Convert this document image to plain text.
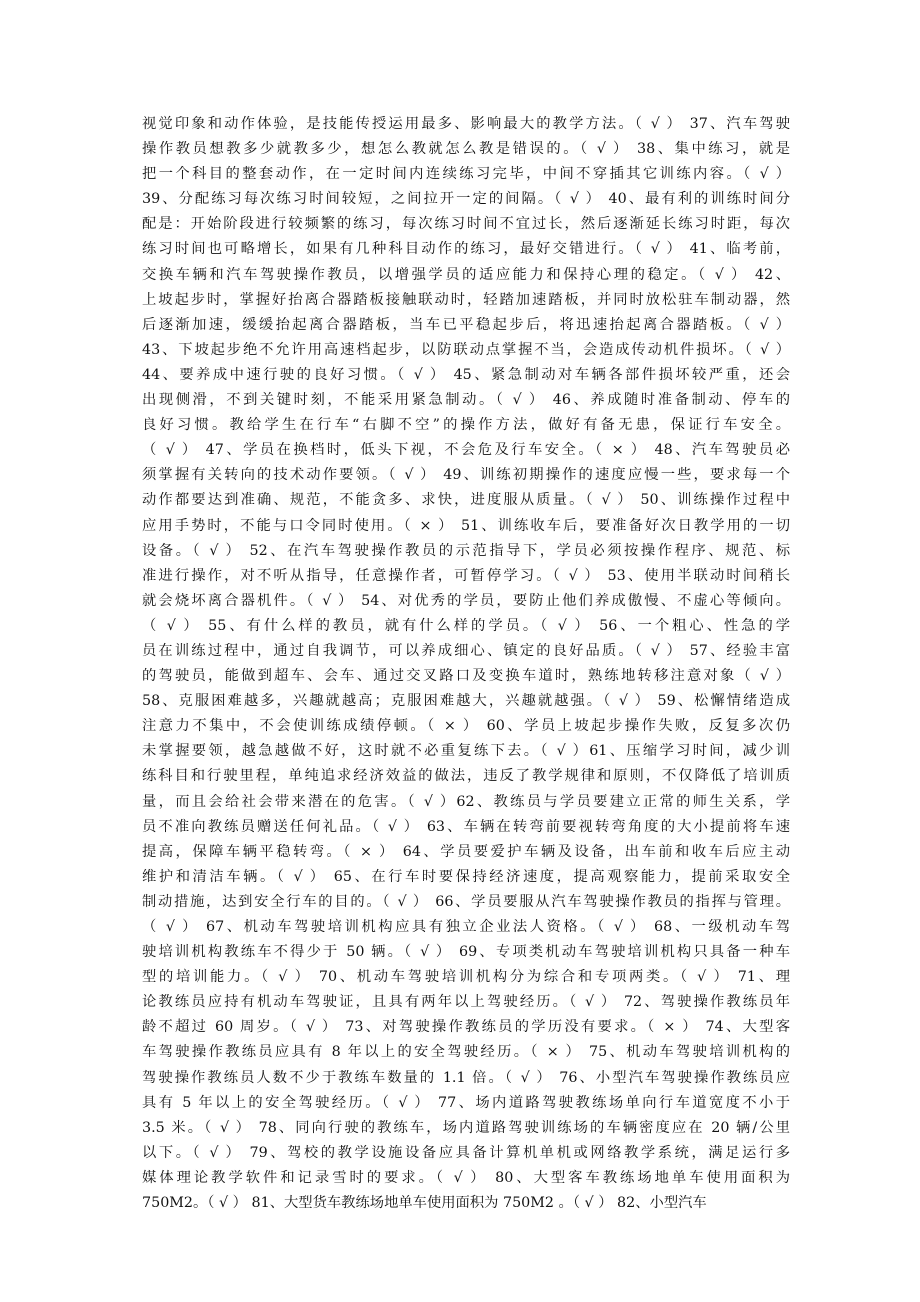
视觉印象和动作体验，是技能传授运用最多、影响最大的教学方法。（ √ ） 37、汽车驾驶
操作教员想教多少就教多少，想怎么教就怎么教是错误的。（ √ ） 38、集中练习，就是
把一个科目的整套动作，在一定时间内连续练习完毕，中间不穿插其它训练内容。（ √ ）
39、分配练习每次练习时间较短，之间拉开一定的间隔。（ √ ） 40、最有利的训练时间分
配是：开始阶段进行较频繁的练习，每次练习时间不宜过长，然后逐渐延长练习时距，每次
练习时间也可略增长，如果有几种科目动作的练习，最好交错进行。（ √ ） 41、临考前，
交换车辆和汽车驾驶操作教员，以增强学员的适应能力和保持心理的稳定。（ √ ） 42、
上坡起步时，掌握好抬离合器踏板接触联动时，轻踏加速踏板，并同时放松驻车制动器，然
后逐渐加速，缓缓抬起离合器踏板，当车已平稳起步后，将迅速抬起离合器踏板。（ √ ）
43、下坡起步绝不允许用高速档起步，以防联动点掌握不当，会造成传动机件损坏。（ √ ）
44、要养成中速行驶的良好习惯。（ √ ） 45、紧急制动对车辆各部件损坏较严重，还会
出现侧滑，不到关键时刻，不能采用紧急制动。（ √ ） 46、养成随时准备制动、停车的
良好习惯。教给学生在行车“右脚不空”的操作方法，做好有备无患，保证行车安全。
（ √ ） 47、学员在换档时，低头下视，不会危及行车安全。（ × ） 48、汽车驾驶员必
须掌握有关转向的技术动作要领。（ √ ） 49、训练初期操作的速度应慢一些，要求每一个
动作都要达到准确、规范，不能贪多、求快，进度服从质量。（ √ ） 50、训练操作过程中
应用手势时，不能与口令同时使用。（ × ） 51、训练收车后，要准备好次日教学用的一切
设备。（ √ ） 52、在汽车驾驶操作教员的示范指导下，学员必须按操作程序、规范、标
准进行操作，对不听从指导，任意操作者，可暂停学习。（ √ ） 53、使用半联动时间稍长
就会烧坏离合器机件。（ √ ） 54、对优秀的学员，要防止他们养成傲慢、不虚心等倾向。
（ √ ） 55、有什么样的教员，就有什么样的学员。（ √ ） 56、一个粗心、性急的学
员在训练过程中，通过自我调节，可以养成细心、镇定的良好品质。（ √ ） 57、经验丰富
的驾驶员，能做到超车、会车、通过交叉路口及变换车道时，熟练地转移注意对象（ √ ）
58、克服困难越多，兴趣就越高；克服困难越大，兴趣就越强。（ √ ） 59、松懈情绪造成
注意力不集中，不会使训练成绩停顿。（ × ） 60、学员上坡起步操作失败，反复多次仍
未掌握要领，越急越做不好，这时就不必重复练下去。（ √ ）61、压缩学习时间，减少训
练科目和行驶里程，单纯追求经济效益的做法，违反了教学规律和原则，不仅降低了培训质
量，而且会给社会带来潜在的危害。（ √ ）62、教练员与学员要建立正常的师生关系，学
员不准向教练员赠送任何礼品。（ √ ） 63、车辆在转弯前要视转弯角度的大小提前将车速
提高，保障车辆平稳转弯。（ × ） 64、学员要爱护车辆及设备，出车前和收车后应主动
维护和清洁车辆。（ √ ） 65、在行车时要保持经济速度，提高观察能力，提前采取安全
制动措施，达到安全行车的目的。（ √ ） 66、学员要服从汽车驾驶操作教员的指挥与管理。
（ √ ） 67、机动车驾驶培训机构应具有独立企业法人资格。（ √ ） 68、一级机动车驾
驶培训机构教练车不得少于 50 辆。（ √ ） 69、专项类机动车驾驶培训机构只具备一种车
型的培训能力。（ √ ） 70、机动车驾驶培训机构分为综合和专项两类。（ √ ） 71、理
论教练员应持有机动车驾驶证，且具有两年以上驾驶经历。（ √ ） 72、驾驶操作教练员年
龄不超过 60 周岁。（ √ ） 73、对驾驶操作教练员的学历没有要求。（ × ） 74、大型客
车驾驶操作教练员应具有 8 年以上的安全驾驶经历。（ × ） 75、机动车驾驶培训机构的
驾驶操作教练员人数不少于教练车数量的 1.1 倍。（ √ ） 76、小型汽车驾驶操作教练员应
具有 5 年以上的安全驾驶经历。（ √ ） 77、场内道路驾驶教练场单向行车道宽度不小于
3.5 米。（ √ ） 78、同向行驶的教练车，场内道路驾驶训练场的车辆密度应在 20 辆/公里
以下。（ √ ） 79、驾校的教学设施设备应具备计算机单机或网络教学系统，满足运行多
媒体理论教学软件和记录雪时的要求。（ √ ） 80、大型客车教练场地单车使用面积为
750M2。（ √ ） 81、大型货车教练场地单车使用面积为 750M2 。（ √ ） 82、小型汽车
